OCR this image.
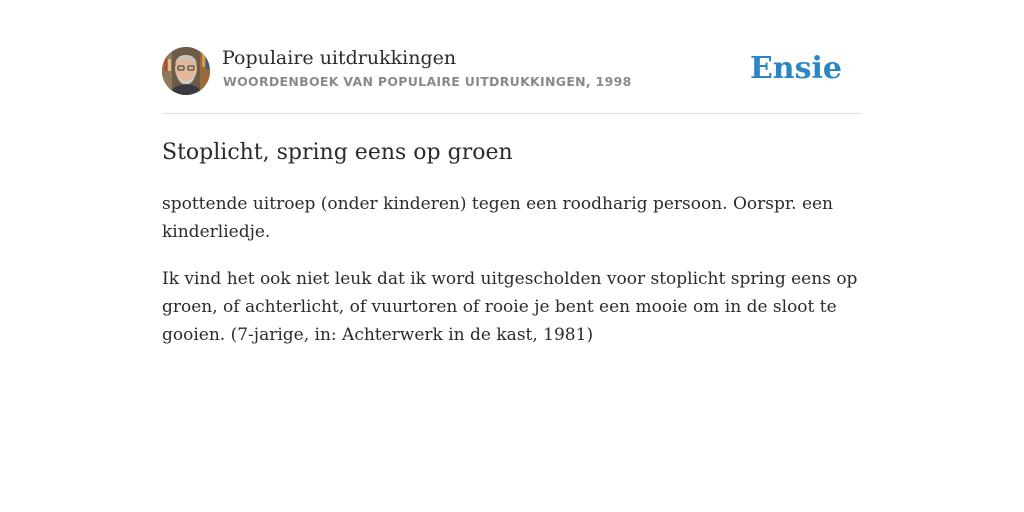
Populaire uitdrukkingen
WOORDENBOEK VAN POPULAIRE UITDRUKKINGEN, 1998	Ensie
Stoplicht, spring eens op groen

spottende uitroep (onder kinderen) tegen een roodharig persoon. Oorspr. een kinderliedje.

Ik vind het ook niet leuk dat ik word uitgescholden voor stoplicht spring eens op groen, of achterlicht, of vuurtoren of rooie je bent een mooie om in de sloot te gooien. (7-jarige, in: Achterwerk in de kast, 1981)
